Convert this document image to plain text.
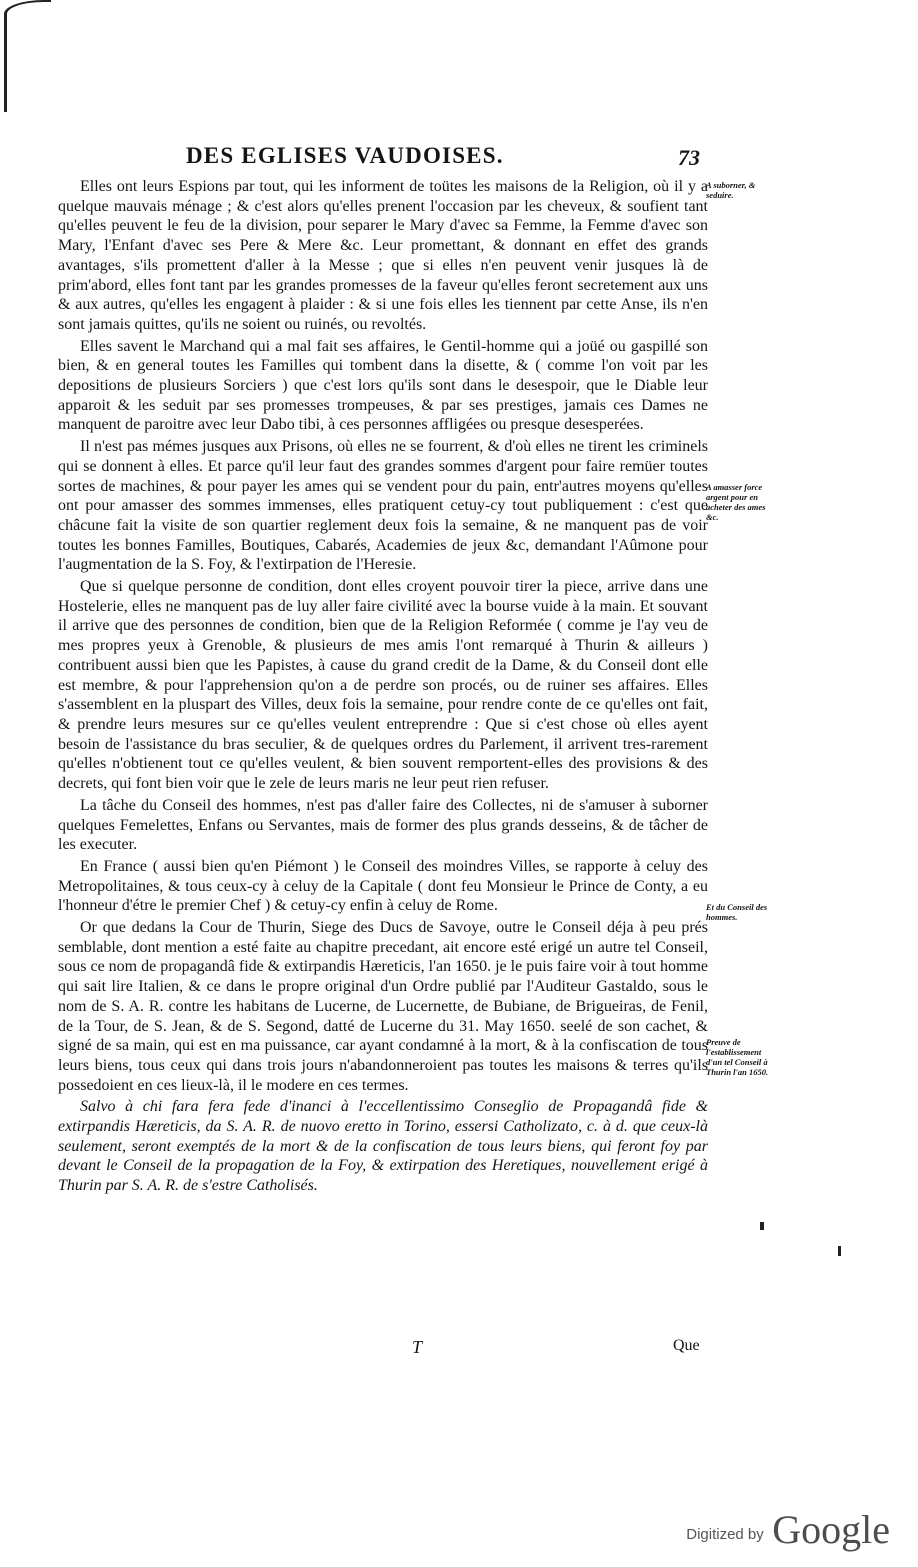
DES EGLISES VAUDOISES.	73

Elles ont leurs Espions par tout, qui les informent de toütes les maisons de la Religion, où il y a quelque mauvais ménage ; & c'est alors qu'elles prenent l'occasion par les cheveux, & soufient tant qu'elles peuvent le feu de la division, pour separer le Mary d'avec sa Femme, la Femme d'avec son Mary, l'Enfant d'avec ses Pere & Mere &c. Leur promettant, & donnant en effet des grands avantages, s'ils promettent d'aller à la Messe ; que si elles n'en peuvent venir jusques là de prim'abord, elles font tant par les grandes promesses de la faveur qu'elles feront secretement aux uns & aux autres, qu'elles les engagent à plaider : & si une fois elles les tiennent par cette Anse, ils n'en sont jamais quittes, qu'ils ne soient ou ruinés, ou revoltés.

Elles savent le Marchand qui a mal fait ses affaires, le Gentil-homme qui a joüé ou gaspillé son bien, & en general toutes les Familles qui tombent dans la disette, & ( comme l'on voit par les depositions de plusieurs Sorciers ) que c'est lors qu'ils sont dans le desespoir, que le Diable leur apparoit & les seduit par ses promesses trompeuses, & par ses prestiges, jamais ces Dames ne manquent de paroitre avec leur Dabo tibi, à ces personnes affligées ou presque desesperées.

Il n'est pas mémes jusques aux Prisons, où elles ne se fourrent, & d'où elles ne tirent les criminels qui se donnent à elles. Et parce qu'il leur faut des grandes sommes d'argent pour faire remüer toutes sortes de machines, & pour payer les ames qui se vendent pour du pain, entr'autres moyens qu'elles ont pour amasser des sommes immenses, elles pratiquent cetuy-cy tout publiquement : c'est que châcune fait la visite de son quartier reglement deux fois la semaine, & ne manquent pas de voir toutes les bonnes Familles, Boutiques, Cabarés, Academies de jeux &c, demandant l'Aûmone pour l'augmentation de la S. Foy, & l'extirpation de l'Heresie.

Que si quelque personne de condition, dont elles croyent pouvoir tirer la piece, arrive dans une Hostelerie, elles ne manquent pas de luy aller faire civilité avec la bourse vuide à la main. Et souvant il arrive que des personnes de condition, bien que de la Religion Reformée ( comme je l'ay veu de mes propres yeux à Grenoble, & plusieurs de mes amis l'ont remarqué à Thurin & ailleurs ) contribuent aussi bien que les Papistes, à cause du grand credit de la Dame, & du Conseil dont elle est membre, & pour l'apprehension qu'on a de perdre son procés, ou de ruiner ses affaires. Elles s'assemblent en la pluspart des Villes, deux fois la semaine, pour rendre conte de ce qu'elles ont fait, & prendre leurs mesures sur ce qu'elles veulent entreprendre : Que si c'est chose où elles ayent besoin de l'assistance du bras seculier, & de quelques ordres du Parlement, il arrivent tres-rarement qu'elles n'obtienent tout ce qu'elles veulent, & bien souvent remportent-elles des provisions & des decrets, qui font bien voir que le zele de leurs maris ne leur peut rien refuser.

La tâche du Conseil des hommes, n'est pas d'aller faire des Collectes, ni de s'amuser à suborner quelques Femelettes, Enfans ou Servantes, mais de former des plus grands desseins, & de tâcher de les executer.

En France ( aussi bien qu'en Piémont ) le Conseil des moindres Villes, se rapporte à celuy des Metropolitaines, & tous ceux-cy à celuy de la Capitale ( dont feu Monsieur le Prince de Conty, a eu l'honneur d'étre le premier Chef ) & cetuy-cy enfin à celuy de Rome.

Or que dedans la Cour de Thurin, Siege des Ducs de Savoye, outre le Conseil déja à peu prés semblable, dont mention a esté faite au chapitre precedant, ait encore esté erigé un autre tel Conseil, sous ce nom de propagandâ fide & extirpandis Hæreticis, l'an 1650. je le puis faire voir à tout homme qui sait lire Italien, & ce dans le propre original d'un Ordre publié par l'Auditeur Gastaldo, sous le nom de S. A. R. contre les habitans de Lucerne, de Lucernette, de Bubiane, de Brigueiras, de Fenil, de la Tour, de S. Jean, & de S. Segond, datté de Lucerne du 31. May 1650. seelé de son cachet, & signé de sa main, qui est en ma puissance, car ayant condamné à la mort, & à la confiscation de tous leurs biens, tous ceux qui dans trois jours n'abandonneroient pas toutes les maisons & terres qu'ils possedoient en ces lieux-là, il le modere en ces termes.

Salvo à chi fara fera fede d'inanci à l'eccellentissimo Conseglio de Propagandâ fide & extirpandis Hæreticis, da S. A. R. de nuovo eretto in Torino, essersi Catholizato, c. à d. que ceux-là seulement, seront exemptés de la mort & de la confiscation de tous leurs biens, qui feront foy par devant le Conseil de la propagation de la Foy, & extirpation des Heretiques, nouvellement erigé à Thurin par S. A. R. de s'estre Catholisés.

A suborner, & seduire.
A amasser force argent pour en acheter des ames &c.
Et du Conseil des hommes.
Preuve de l'establissement d'un tel Conseil à Thurin l'an 1650.
T	Que
Digitized by Google
